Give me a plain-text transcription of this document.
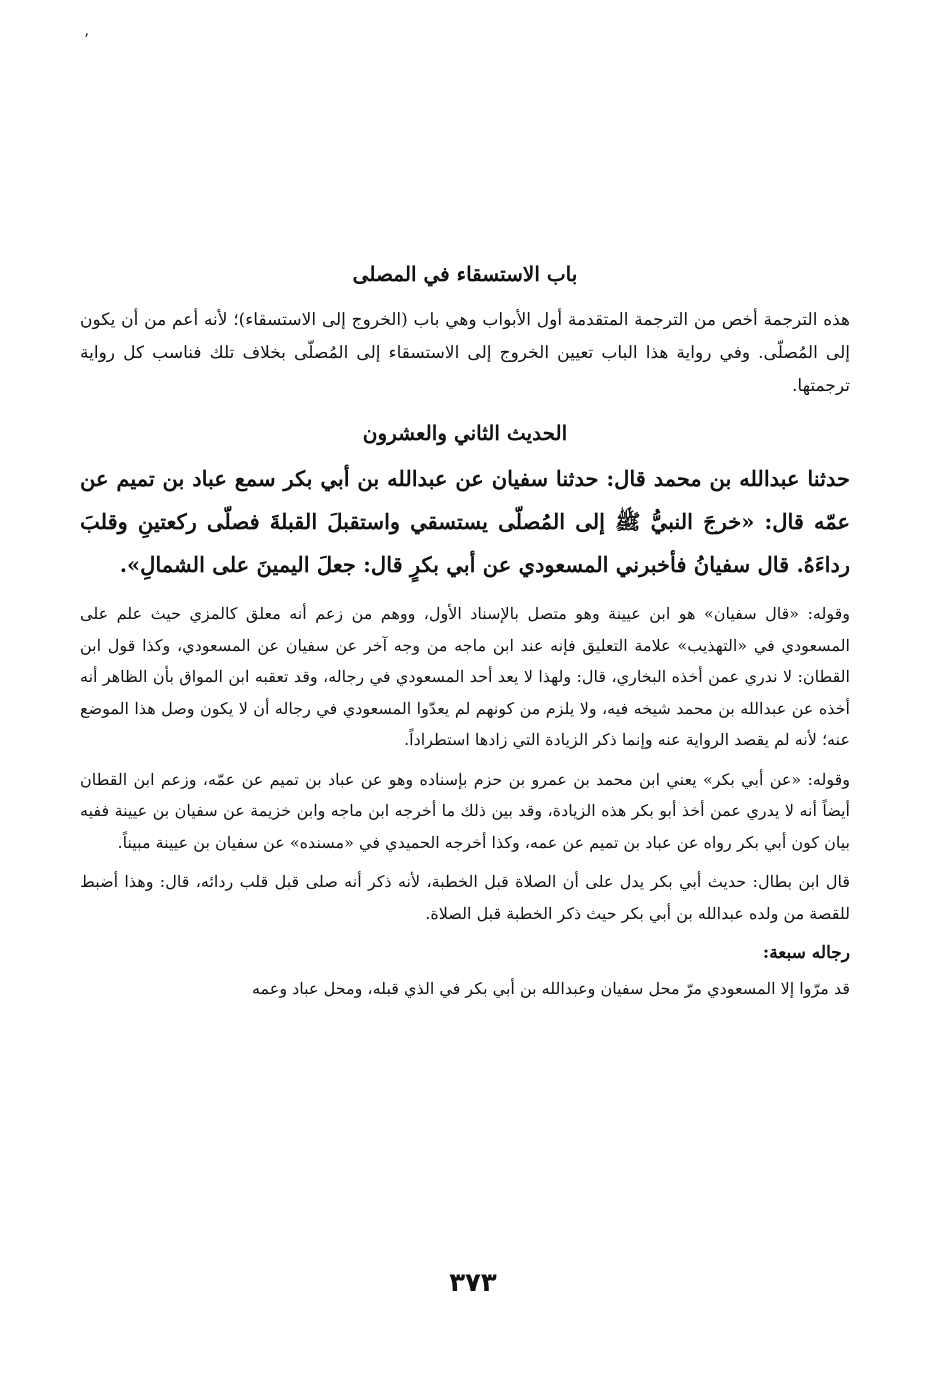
٬
باب الاستسقاء في المصلى

هذه الترجمة أخص من الترجمة المتقدمة أول الأبواب وهي باب (الخروج إلى الاستسقاء)؛ لأنه أعم من أن يكون إلى المُصلّى. وفي رواية هذا الباب تعيين الخروج إلى الاستسقاء إلى المُصلّى بخلاف تلك فناسب كل رواية ترجمتها.

الحديث الثاني والعشرون

حدثنا عبدالله بن محمد قال: حدثنا سفيان عن عبدالله بن أبي بكر سمع عباد بن تميم عن عمّه قال: «خرجَ النبيُّ ﷺ إلى المُصلّى يستسقي واستقبلَ القبلةَ فصلّى ركعتينِ وقلبَ رداءَهُ. قال سفيانُ فأخبرني المسعودي عن أبي بكرٍ قال: جعلَ اليمينَ على الشمالِ».

وقوله: «قال سفيان» هو ابن عيينة وهو متصل بالإسناد الأول، ووهم من زعم أنه معلق كالمزي حيث علم على المسعودي في «التهذيب» علامة التعليق فإنه عند ابن ماجه من وجه آخر عن سفيان عن المسعودي، وكذا قول ابن القطان: لا ندري عمن أخذه البخاري، قال: ولهذا لا يعد أحد المسعودي في رجاله، وقد تعقبه ابن المواق بأن الظاهر أنه أخذه عن عبدالله بن محمد شيخه فيه، ولا يلزم من كونهم لم يعدّوا المسعودي في رجاله أن لا يكون وصل هذا الموضع عنه؛ لأنه لم يقصد الرواية عنه وإنما ذكر الزيادة التي زادها استطراداً.

وقوله: «عن أبي بكر» يعني ابن محمد بن عمرو بن حزم بإسناده وهو عن عباد بن تميم عن عمّه، وزعم ابن القطان أيضاً أنه لا يدري عمن أخذ أبو بكر هذه الزيادة، وقد بين ذلك ما أخرجه ابن ماجه وابن خزيمة عن سفيان بن عيينة ففيه بيان كون أبي بكر رواه عن عباد بن تميم عن عمه، وكذا أخرجه الحميدي في «مسنده» عن سفيان بن عيينة مبيناً.

قال ابن بطال: حديث أبي بكر يدل على أن الصلاة قبل الخطبة، لأنه ذكر أنه صلى قبل قلب ردائه، قال: وهذا أضبط للقصة من ولده عبدالله بن أبي بكر حيث ذكر الخطبة قبل الصلاة.

رجاله سبعة:

قد مرّوا إلا المسعودي مرّ محل سفيان وعبدالله بن أبي بكر في الذي قبله، ومحل عباد وعمه

٣٧٣
